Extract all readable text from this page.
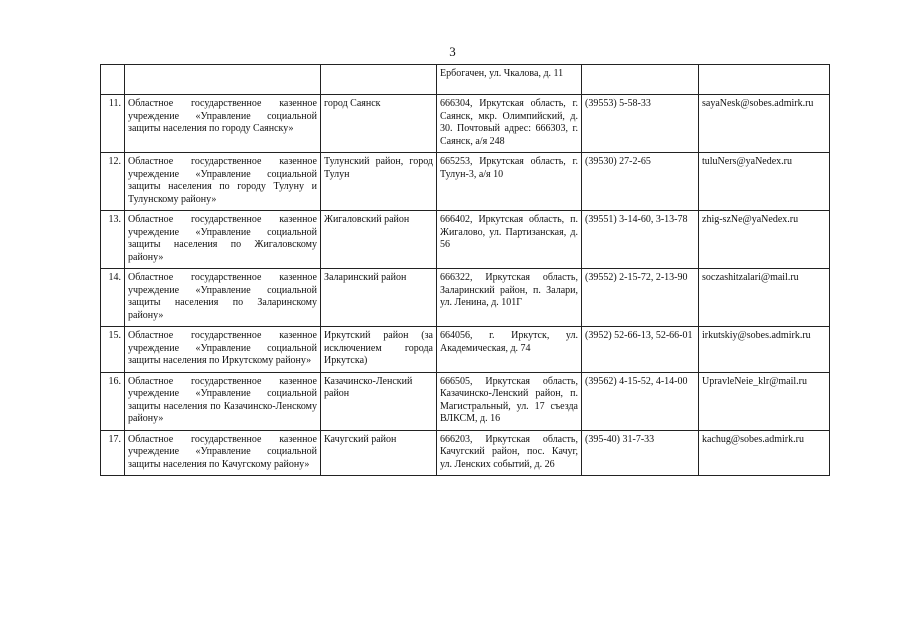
3
			Ербогачен, ул. Чкалова, д. 11		
11.	Областное государственное казенное учреждение «Управление социальной защиты населения по городу Саянску»	город Саянск	666304, Иркутская область, г. Саянск, мкр. Олимпийский, д. 30. Почтовый адрес: 666303, г. Саянск, а/я 248	(39553) 5-58-33	sayaNesk@sobes.admirk.ru
12.	Областное государственное казенное учреждение «Управление социальной защиты населения по городу Тулуну и Тулунскому району»	Тулунский район, город Тулун	665253, Иркутская область, г. Тулун-3, а/я 10	(39530) 27-2-65	tuluNers@yaNedex.ru
13.	Областное государственное казенное учреждение «Управление социальной защиты населения по Жигаловскому району»	Жигаловский район	666402, Иркутская область, п. Жигалово, ул. Партизанская, д. 56	(39551) 3-14-60, 3-13-78	zhig-szNe@yaNedex.ru
14.	Областное государственное казенное учреждение «Управление социальной защиты населения по Заларинскому району»	Заларинский район	666322, Иркутская область, Заларинский район, п. Залари, ул. Ленина, д. 101Г	(39552) 2-15-72, 2-13-90	soczashitzalari@mail.ru
15.	Областное государственное казенное учреждение «Управление социальной защиты населения по Иркутскому району»	Иркутский район (за исключением города Иркутска)	664056, г. Иркутск, ул. Академическая, д. 74	(3952) 52-66-13, 52-66-01	irkutskiy@sobes.admirk.ru
16.	Областное государственное казенное учреждение «Управление социальной защиты населения по Казачинско-Ленскому району»	Казачинско-Ленский район	666505, Иркутская область, Казачинско-Ленский район, п. Магистральный, ул. 17 съезда ВЛКСМ, д. 16	(39562) 4-15-52, 4-14-00	UpravleNeie_klr@mail.ru
17.	Областное государственное казенное учреждение «Управление социальной защиты населения по Качугскому району»	Качугский район	666203, Иркутская область, Качугский район, пос. Качуг, ул. Ленских событий, д. 26	(395-40) 31-7-33	kachug@sobes.admirk.ru
